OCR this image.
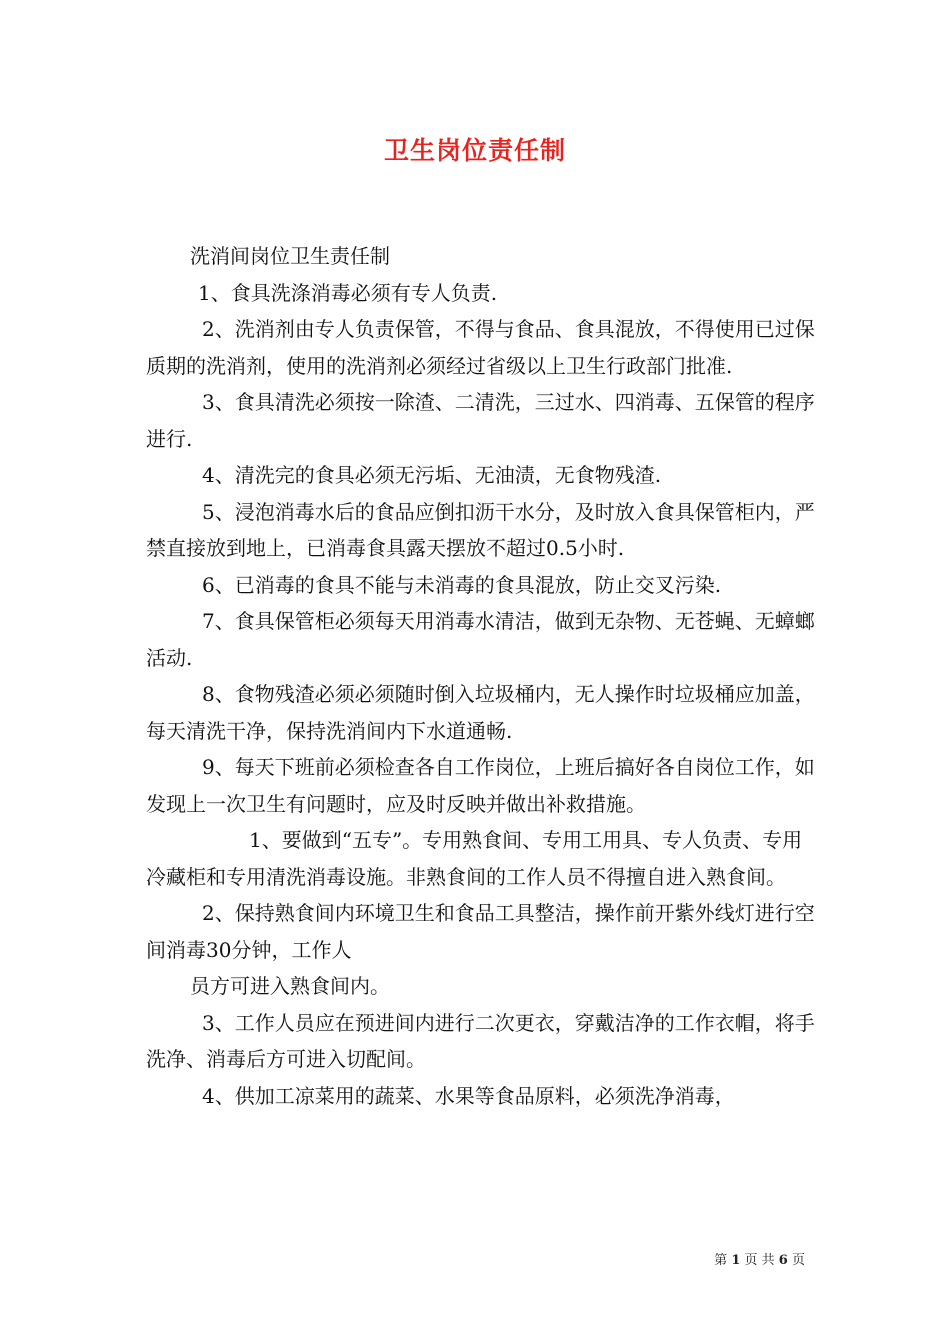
卫生岗位责任制

洗消间岗位卫生责任制

1、食具洗涤消毒必须有专人负责.

2、洗消剂由专人负责保管，不得与食品、食具混放，不得使用已过保质期的洗消剂，使用的洗消剂必须经过省级以上卫生行政部门批准.

3、食具清洗必须按一除渣、二清洗，三过水、四消毒、五保管的程序进行.

4、清洗完的食具必须无污垢、无油渍，无食物残渣.

5、浸泡消毒水后的食品应倒扣沥干水分，及时放入食具保管柜内，严禁直接放到地上，已消毒食具露天摆放不超过0.5小时.

6、已消毒的食具不能与未消毒的食具混放，防止交叉污染.

7、食具保管柜必须每天用消毒水清洁，做到无杂物、无苍蝇、无蟑螂活动.

8、食物残渣必须必须随时倒入垃圾桶内，无人操作时垃圾桶应加盖，每天清洗干净，保持洗消间内下水道通畅.

9、每天下班前必须检查各自工作岗位，上班后搞好各自岗位工作，如发现上一次卫生有问题时，应及时反映并做出补救措施。

1、要做到“五专”。专用熟食间、专用工用具、专人负责、专用冷藏柜和专用清洗消毒设施。非熟食间的工作人员不得擅自进入熟食间。

2、保持熟食间内环境卫生和食品工具整洁，操作前开紫外线灯进行空间消毒30分钟，工作人

员方可进入熟食间内。

3、工作人员应在预进间内进行二次更衣，穿戴洁净的工作衣帽，将手洗净、消毒后方可进入切配间。

4、供加工凉菜用的蔬菜、水果等食品原料，必须洗净消毒，

第 1 页 共 6 页
